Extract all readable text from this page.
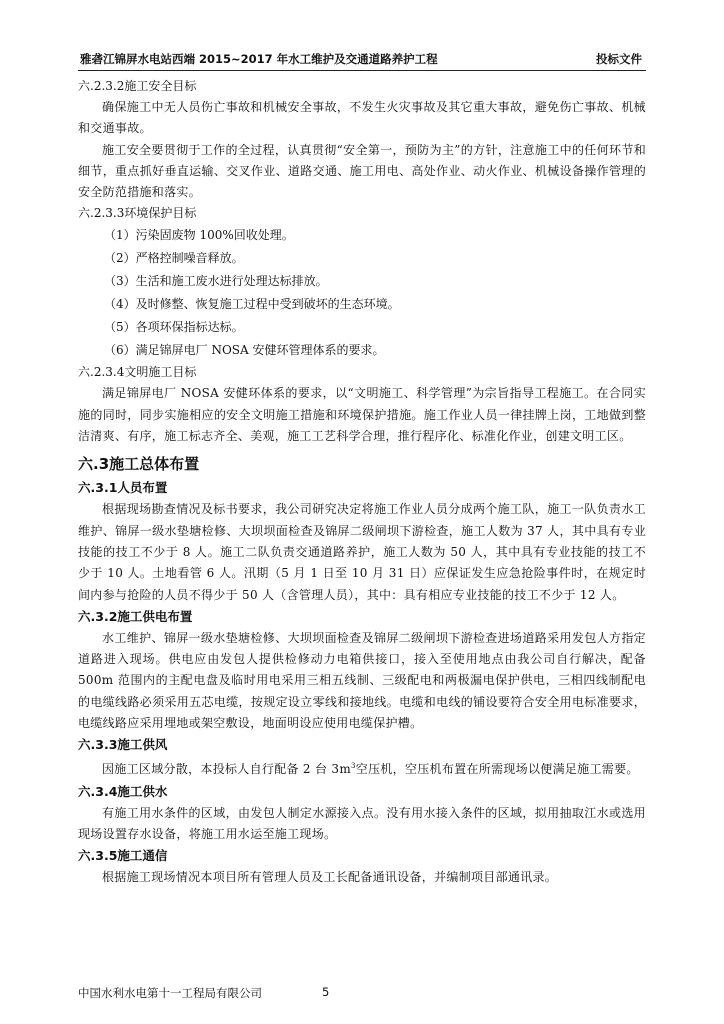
雅砻江锦屏水电站西端 2015~2017 年水工维护及交通道路养护工程	投标文件

六.2.3.2施工安全目标

确保施工中无人员伤亡事故和机械安全事故，不发生火灾事故及其它重大事故，避免伤亡事故、机械和交通事故。

施工安全要贯彻于工作的全过程，认真贯彻“安全第一，预防为主”的方针，注意施工中的任何环节和细节，重点抓好垂直运输、交叉作业、道路交通、施工用电、高处作业、动火作业、机械设备操作管理的安全防范措施和落实。

六.2.3.3环境保护目标

（1）污染固废物 100%回收处理。

（2）严格控制噪音释放。

（3）生活和施工废水进行处理达标排放。

（4）及时修整、恢复施工过程中受到破坏的生态环境。

（5）各项环保指标达标。

（6）满足锦屏电厂 NOSA 安健环管理体系的要求。

六.2.3.4文明施工目标

满足锦屏电厂 NOSA 安健环体系的要求，以“文明施工、科学管理”为宗旨指导工程施工。在合同实施的同时，同步实施相应的安全文明施工措施和环境保护措施。施工作业人员一律挂牌上岗，工地做到整洁清爽、有序，施工标志齐全、美观，施工工艺科学合理，推行程序化、标准化作业，创建文明工区。

六.3施工总体布置

六.3.1人员布置

根据现场勘查情况及标书要求，我公司研究决定将施工作业人员分成两个施工队，施工一队负责水工维护、锦屏一级水垫塘检修、大坝坝面检查及锦屏二级闸坝下游检查，施工人数为 37 人，其中具有专业技能的技工不少于 8 人。施工二队负责交通道路养护，施工人数为 50 人，其中具有专业技能的技工不少于 10 人。土地看管 6 人。汛期（5 月 1 日至 10 月 31 日）应保证发生应急抢险事件时，在规定时间内参与抢险的人员不得少于 50 人（含管理人员），其中：具有相应专业技能的技工不少于 12 人。

六.3.2施工供电布置

水工维护、锦屏一级水垫塘检修、大坝坝面检查及锦屏二级闸坝下游检查进场道路采用发包人方指定道路进入现场。供电应由发包人提供检修动力电箱供接口，接入至使用地点由我公司自行解决，配备 500m 范围内的主配电盘及临时用电采用三相五线制、三级配电和两极漏电保护供电，三相四线制配电的电缆线路必须采用五芯电缆，按规定设立零线和接地线。电缆和电线的铺设要符合安全用电标准要求，电缆线路应采用埋地或架空敷设，地面明设应使用电缆保护槽。

六.3.3施工供风

因施工区域分散，本投标人自行配备 2 台 $3m^3$空压机，空压机布置在所需现场以便满足施工需要。

六.3.4施工供水

有施工用水条件的区域，由发包人制定水源接入点。没有用水接入条件的区域，拟用抽取江水或选用现场设置存水设备，将施工用水运至施工现场。

六.3.5施工通信

根据施工现场情况本项目所有管理人员及工长配备通讯设备，并编制项目部通讯录。

中国水利水电第十一工程局有限公司	5
